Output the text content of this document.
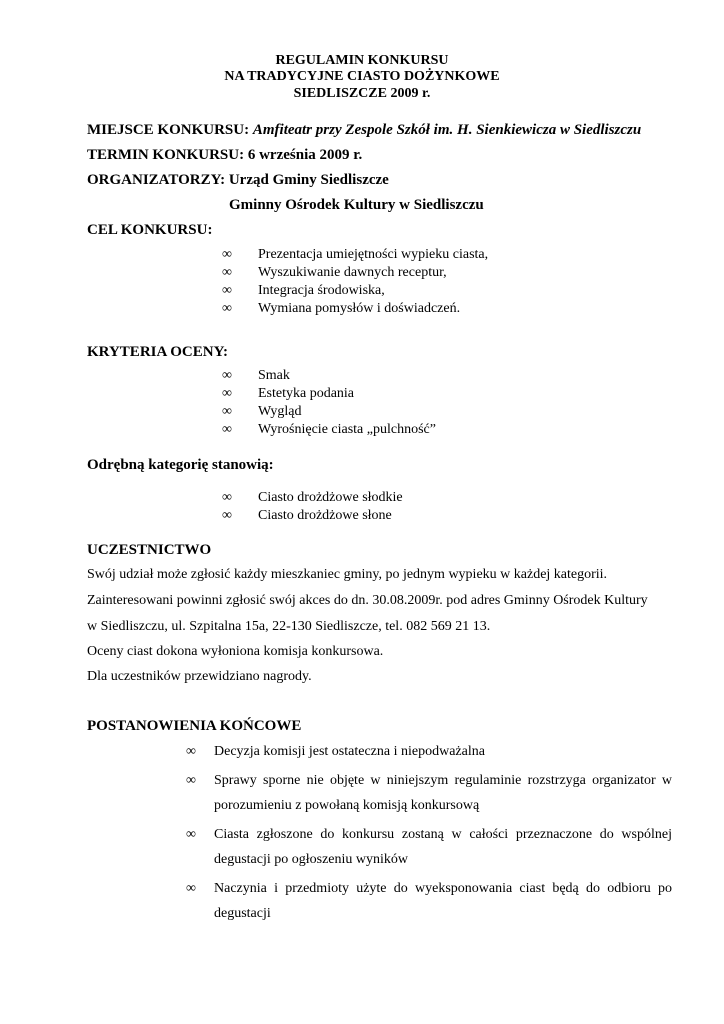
REGULAMIN KONKURSU
NA TRADYCYJNE CIASTO DOŻYNKOWE
SIEDLISZCZE 2009 r.
MIEJSCE KONKURSU: Amfiteatr przy Zespole Szkół im. H. Sienkiewicza w Siedliszczu
TERMIN KONKURSU: 6 września 2009 r.
ORGANIZATORZY: Urząd Gminy Siedliszcze
Gminny Ośrodek Kultury w Siedliszczu
CEL KONKURSU:
∞ Prezentacja umiejętności wypieku ciasta,
∞ Wyszukiwanie dawnych receptur,
∞ Integracja środowiska,
∞ Wymiana pomysłów i doświadczeń.
KRYTERIA OCENY:
∞ Smak
∞ Estetyka podania
∞ Wygląd
∞ Wyrośnięcie ciasta „pulchność”
Odrębną kategorię stanowią:
∞ Ciasto drożdżowe słodkie
∞ Ciasto drożdżowe słone
UCZESTNICTWO
Swój udział może zgłosić każdy mieszkaniec gminy, po jednym wypieku w każdej kategorii.
Zainteresowani powinni zgłosić swój akces do dn. 30.08.2009r. pod adres Gminny Ośrodek Kultury
w Siedliszczu, ul. Szpitalna 15a, 22-130 Siedliszcze, tel. 082 569 21 13.
Oceny ciast dokona wyłoniona komisja konkursowa.
Dla uczestników przewidziano nagrody.
POSTANOWIENIA KOŃCOWE
∞ Decyzja komisji jest ostateczna i niepodważalna
∞ Sprawy sporne nie objęte w niniejszym regulaminie rozstrzyga organizator w porozumieniu z powołaną komisją konkursową
∞ Ciasta zgłoszone do konkursu zostaną w całości przeznaczone do wspólnej degustacji po ogłoszeniu wyników
∞ Naczynia i przedmioty użyte do wyeksponowania ciast będą do odbioru po degustacji
